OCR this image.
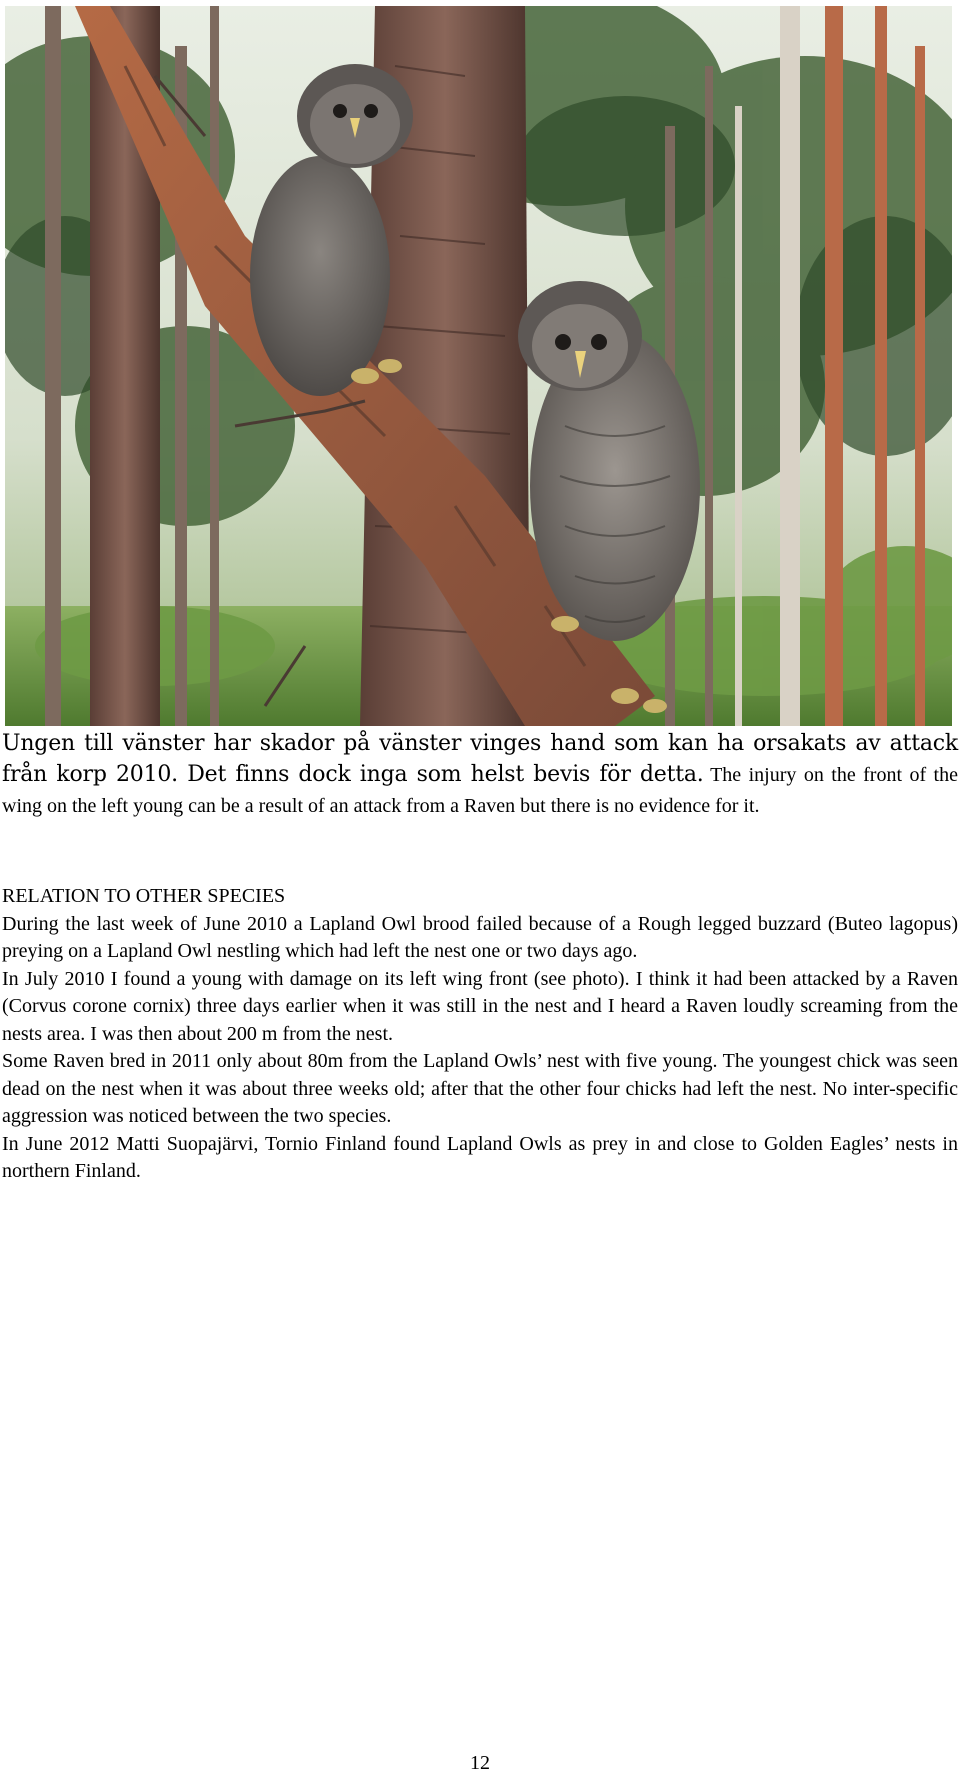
Ungen till vänster har skador på vänster vinges hand som kan ha orsakats av attack från korp 2010. Det finns dock inga som helst bevis för detta. The injury on the front of the wing on the left young can be a result of an attack from a Raven but there is no evidence for it.

RELATION TO OTHER SPECIES

During the last week of June 2010 a Lapland Owl brood failed because of a Rough legged buzzard (Buteo lagopus) preying on a Lapland Owl nestling which had left the nest one or two days ago.

In July 2010 I found a young with damage on its left wing front (see photo). I think it had been attacked by a Raven (Corvus corone cornix) three days earlier when it was still in the nest and I heard a Raven loudly screaming from the nests area. I was then about 200 m from the nest.

Some Raven bred in 2011 only about 80m from the Lapland Owls’ nest with five young. The youngest chick was seen dead on the nest when it was about three weeks old; after that the other four chicks had left the nest. No inter-specific aggression was noticed between the two species.

In June 2012 Matti Suopajärvi, Tornio Finland found Lapland Owls as prey in and close to Golden Eagles’ nests in northern Finland.

12
